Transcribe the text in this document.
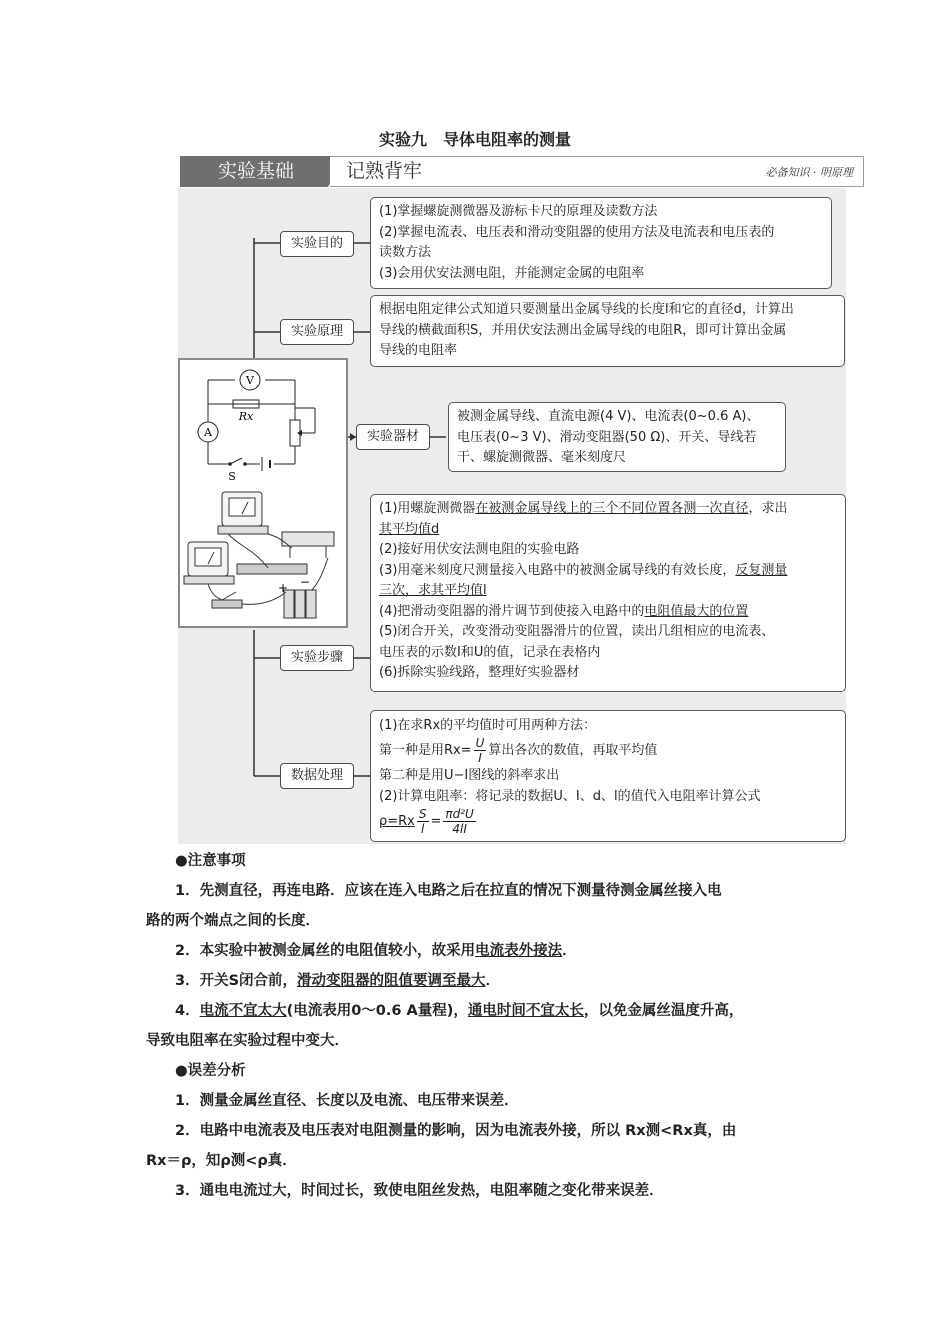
实验九　导体电阻率的测量
实验基础	必备知识 · 明原理
记熟背牢
V
A
Rx
S
+ −
实验目的
实验原理
实验器材
实验步骤
数据处理
(1)掌握螺旋测微器及游标卡尺的原理及读数方法
(2)掌握电流表、电压表和滑动变阻器的使用方法及电流表和电压表的
读数方法
(3)会用伏安法测电阻，并能测定金属的电阻率
根据电阻定律公式知道只要测量出金属导线的长度l和它的直径d，计算出
导线的横截面积S，并用伏安法测出金属导线的电阻R，即可计算出金属
导线的电阻率
被测金属导线、直流电源(4 V)、电流表(0~0.6 A)、
电压表(0~3 V)、滑动变阻器(50 Ω)、开关、导线若
干、螺旋测微器、毫米刻度尺
(1)用螺旋测微器在被测金属导线上的三个不同位置各测一次直径，求出
其平均值d
(2)接好用伏安法测电阻的实验电路
(3)用毫米刻度尺测量接入电路中的被测金属导线的有效长度，反复测量
三次，求其平均值l
(4)把滑动变阻器的滑片调节到使接入电路中的电阻值最大的位置
(5)闭合开关，改变滑动变阻器滑片的位置，读出几组相应的电流表、
电压表的示数I和U的值，记录在表格内
(6)拆除实验线路，整理好实验器材
(1)在求Rx的平均值时可用两种方法：
第一种是用$Rx= \frac{U}{I}$ 算出各次的数值，再取平均值
第二种是用U−I图线的斜率求出
(2)计算电阻率：将记录的数据U、I、d、l的值代入电阻率计算公式
$\rho=Rx \frac{S}{l} = \frac{\text{πd²U}}{4lI}$

●注意事项

1．先测直径，再连电路．应该在连入电路之后在拉直的情况下测量待测金属丝接入电

路的两个端点之间的长度．

2．本实验中被测金属丝的电阻值较小，故采用电流表外接法．

3．开关S闭合前，滑动变阻器的阻值要调至最大．

4．电流不宜太大(电流表用0～0.6 A量程)，通电时间不宜太长，以免金属丝温度升高，

导致电阻率在实验过程中变大．

●误差分析

1．测量金属丝直径、长度以及电流、电压带来误差．

2．电路中电流表及电压表对电阻测量的影响，因为电流表外接，所以 Rx测<Rx真，由

Rx＝ρ，知ρ测<ρ真．

3．通电电流过大，时间过长，致使电阻丝发热，电阻率随之变化带来误差．
